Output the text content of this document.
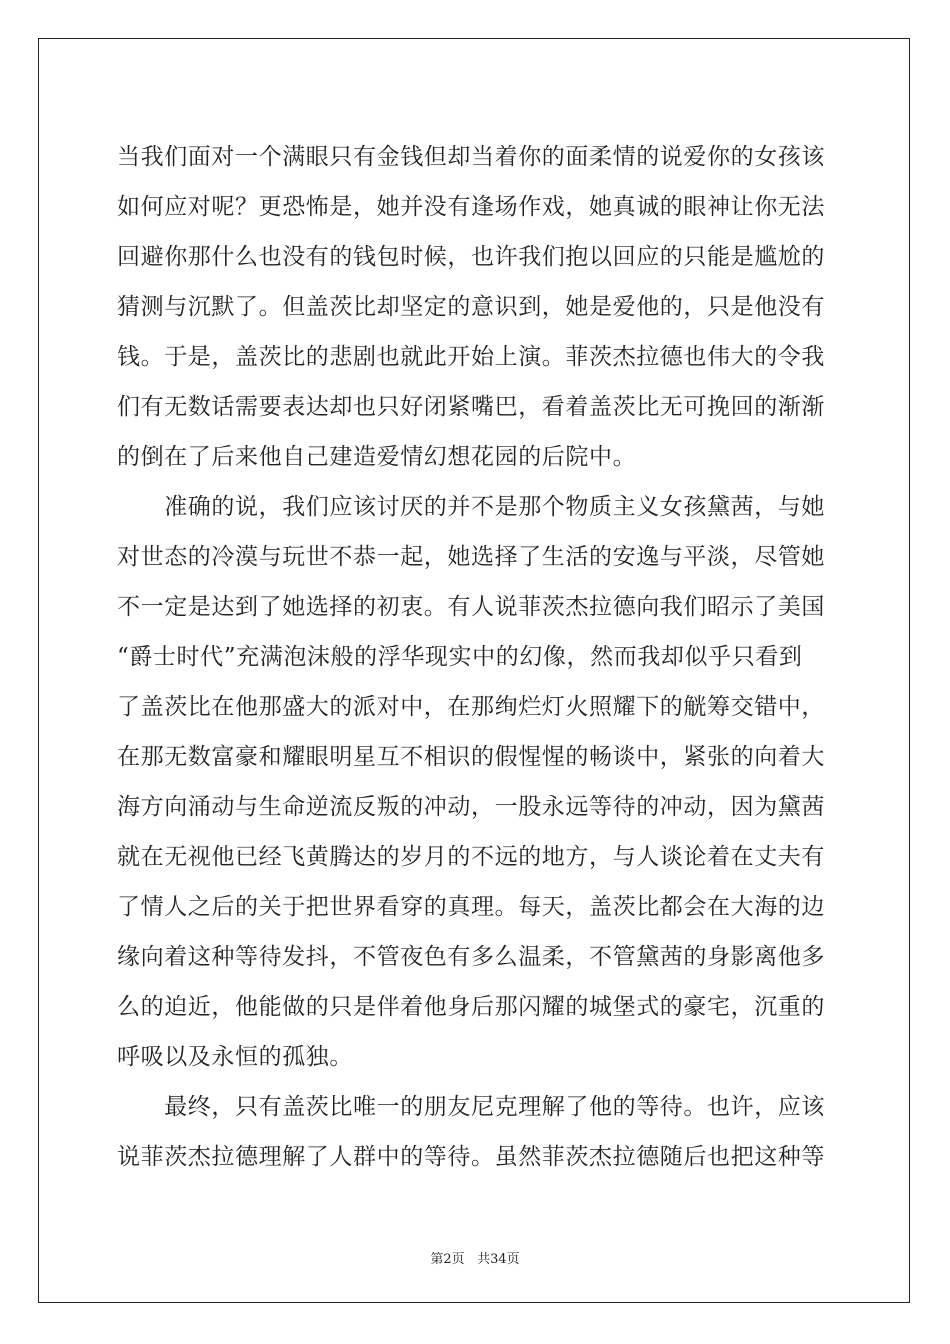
当我们面对一个满眼只有金钱但却当着你的面柔情的说爱你的女孩该
如何应对呢？更恐怖是，她并没有逢场作戏，她真诚的眼神让你无法
回避你那什么也没有的钱包时候，也许我们抱以回应的只能是尴尬的
猜测与沉默了。但盖茨比却坚定的意识到，她是爱他的，只是他没有
钱。于是，盖茨比的悲剧也就此开始上演。菲茨杰拉德也伟大的令我
们有无数话需要表达却也只好闭紧嘴巴，看着盖茨比无可挽回的渐渐
的倒在了后来他自己建造爱情幻想花园的后院中。
　　准确的说，我们应该讨厌的并不是那个物质主义女孩黛茜，与她
对世态的冷漠与玩世不恭一起，她选择了生活的安逸与平淡，尽管她
不一定是达到了她选择的初衷。有人说菲茨杰拉德向我们昭示了美国
“爵士时代”充满泡沫般的浮华现实中的幻像，然而我却似乎只看到
了盖茨比在他那盛大的派对中，在那绚烂灯火照耀下的觥筹交错中，
在那无数富豪和耀眼明星互不相识的假惺惺的畅谈中，紧张的向着大
海方向涌动与生命逆流反叛的冲动，一股永远等待的冲动，因为黛茜
就在无视他已经飞黄腾达的岁月的不远的地方，与人谈论着在丈夫有
了情人之后的关于把世界看穿的真理。每天，盖茨比都会在大海的边
缘向着这种等待发抖，不管夜色有多么温柔，不管黛茜的身影离他多
么的迫近，他能做的只是伴着他身后那闪耀的城堡式的豪宅，沉重的
呼吸以及永恒的孤独。
　　最终，只有盖茨比唯一的朋友尼克理解了他的等待。也许，应该
说菲茨杰拉德理解了人群中的等待。虽然菲茨杰拉德随后也把这种等
第2页 共34页
